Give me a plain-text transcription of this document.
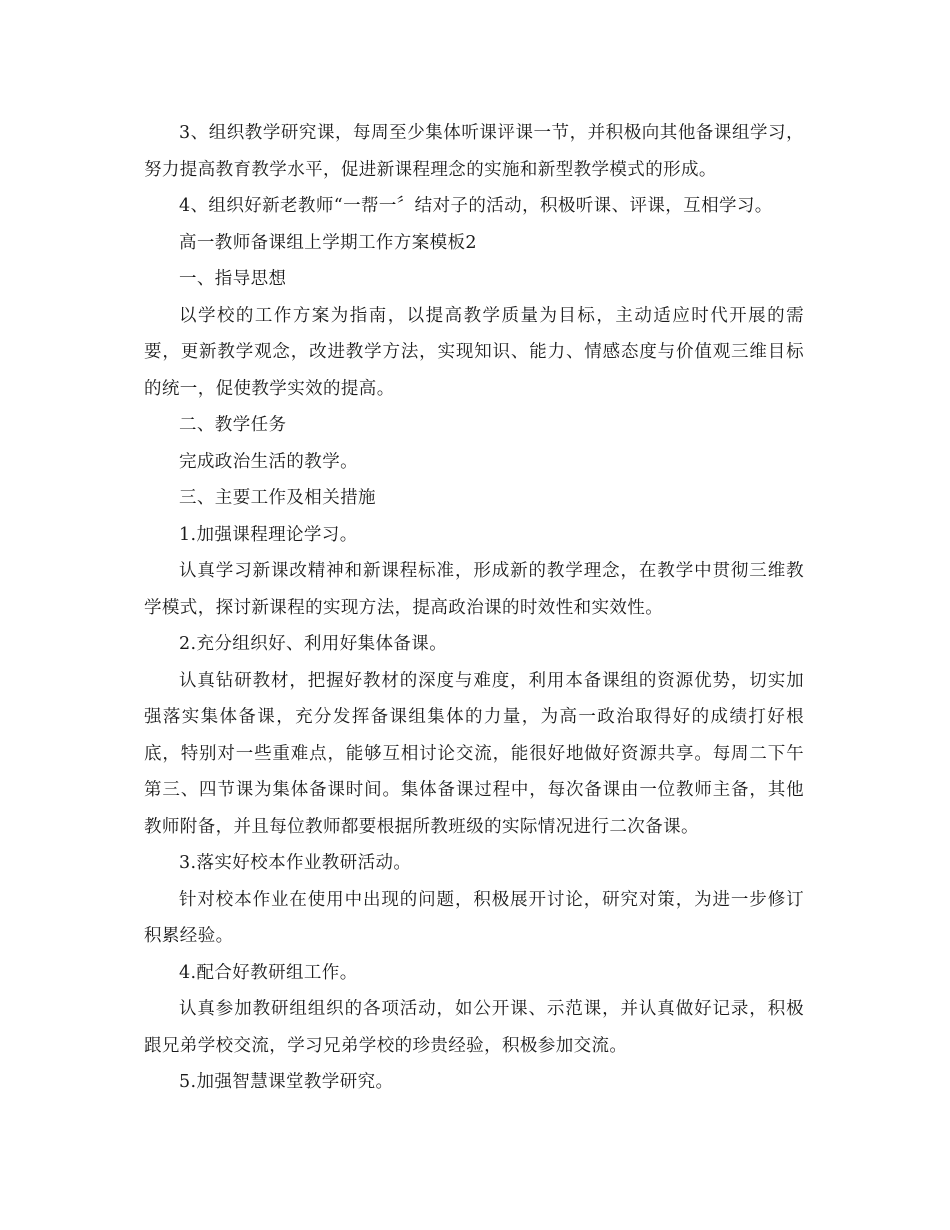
3、组织教学研究课，每周至少集体听课评课一节，并积极向其他备课组学习，努力提高教育教学水平，促进新课程理念的实施和新型教学模式的形成。

4、组织好新老教师“一帮一〞结对子的活动，积极听课、评课，互相学习。

高一教师备课组上学期工作方案模板2

一、指导思想

以学校的工作方案为指南，以提高教学质量为目标，主动适应时代开展的需要，更新教学观念，改进教学方法，实现知识、能力、情感态度与价值观三维目标的统一，促使教学实效的提高。

二、教学任务

完成政治生活的教学。

三、主要工作及相关措施

1.加强课程理论学习。

认真学习新课改精神和新课程标准，形成新的教学理念，在教学中贯彻三维教学模式，探讨新课程的实现方法，提高政治课的时效性和实效性。

2.充分组织好、利用好集体备课。

认真钻研教材，把握好教材的深度与难度，利用本备课组的资源优势，切实加强落实集体备课，充分发挥备课组集体的力量，为高一政治取得好的成绩打好根底，特别对一些重难点，能够互相讨论交流，能很好地做好资源共享。每周二下午第三、四节课为集体备课时间。集体备课过程中，每次备课由一位教师主备，其他教师附备，并且每位教师都要根据所教班级的实际情况进行二次备课。

3.落实好校本作业教研活动。

针对校本作业在使用中出现的问题，积极展开讨论，研究对策，为进一步修订积累经验。

4.配合好教研组工作。

认真参加教研组组织的各项活动，如公开课、示范课，并认真做好记录，积极跟兄弟学校交流，学习兄弟学校的珍贵经验，积极参加交流。

5.加强智慧课堂教学研究。
